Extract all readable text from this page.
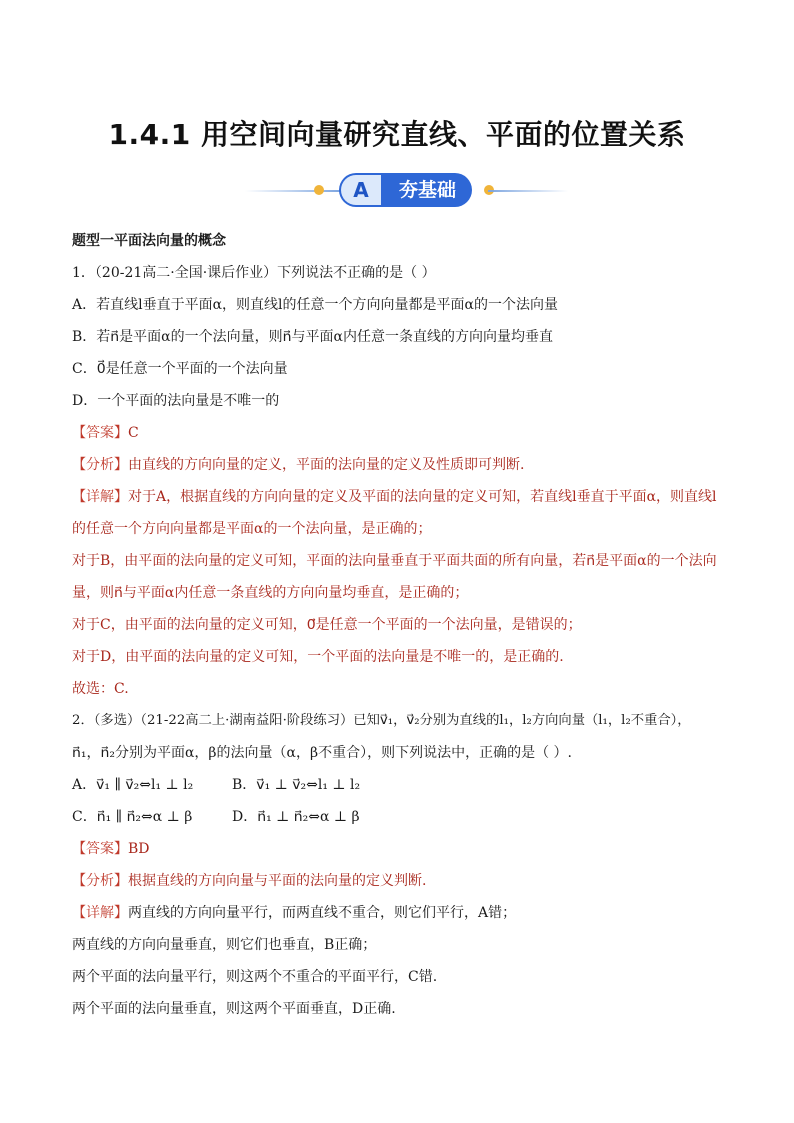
1.4.1 用空间向量研究直线、平面的位置关系
A	夯基础

题型一平面法向量的概念

1．（20-21高二·全国·课后作业）下列说法不正确的是（ ）

A．若直线l垂直于平面α，则直线l的任意一个方向向量都是平面α的一个法向量

B．若n⃗是平面α的一个法向量，则n⃗与平面α内任意一条直线的方向向量均垂直

C．0⃗是任意一个平面的一个法向量

D．一个平面的法向量是不唯一的

【答案】C

【分析】由直线的方向向量的定义，平面的法向量的定义及性质即可判断.

【详解】对于A，根据直线的方向向量的定义及平面的法向量的定义可知，若直线l垂直于平面α，则直线l的任意一个方向向量都是平面α的一个法向量，是正确的；

对于B，由平面的法向量的定义可知，平面的法向量垂直于平面共面的所有向量，若n⃗是平面α的一个法向量，则n⃗与平面α内任意一条直线的方向向量均垂直，是正确的；

对于C，由平面的法向量的定义可知，0⃗是任意一个平面的一个法向量，是错误的；

对于D，由平面的法向量的定义可知，一个平面的法向量是不唯一的，是正确的.

故选：C.

2．（多选）（21-22高二上·湖南益阳·阶段练习）已知v⃗₁，v⃗₂分别为直线的l₁，l₂方向向量（l₁，l₂不重合），

n⃗₁，n⃗₂分别为平面α，β的法向量（α，β不重合），则下列说法中，正确的是（ ）.

A．v⃗₁ ∥ v⃗₂⇔l₁ ⊥ l₂	B．v⃗₁ ⊥ v⃗₂⇔l₁ ⊥ l₂

C．n⃗₁ ∥ n⃗₂⇔α ⊥ β	D．n⃗₁ ⊥ n⃗₂⇔α ⊥ β

【答案】BD

【分析】根据直线的方向向量与平面的法向量的定义判断.

【详解】两直线的方向向量平行，而两直线不重合，则它们平行，A错；

两直线的方向向量垂直，则它们也垂直，B正确；

两个平面的法向量平行，则这两个不重合的平面平行，C错.

两个平面的法向量垂直，则这两个平面垂直，D正确.
